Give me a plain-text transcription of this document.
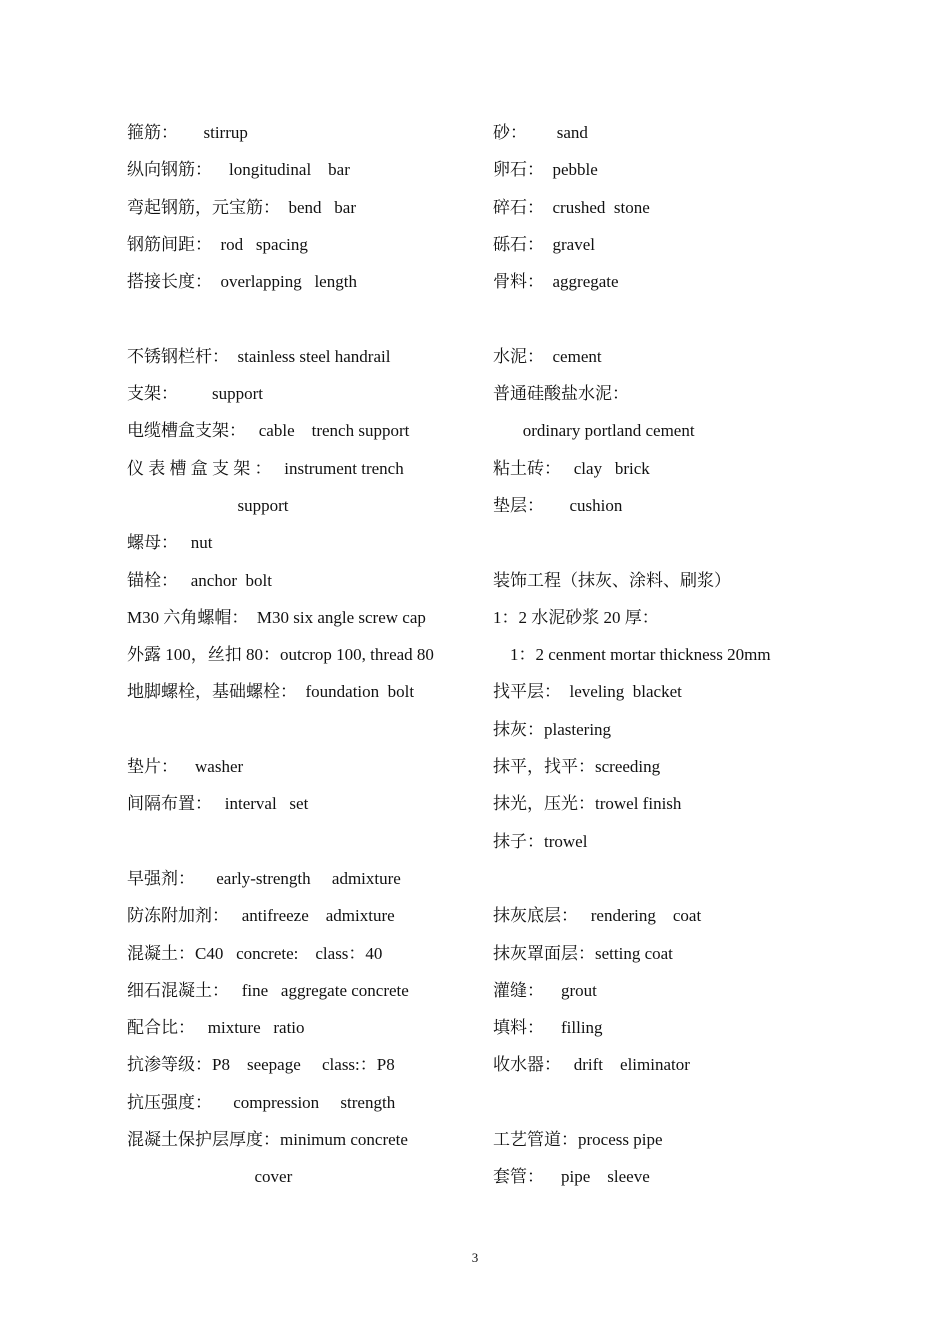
箍筋：      stirrup
纵向钢筋：    longitudinal    bar
弯起钢筋，元宝筋：  bend   bar
钢筋间距：  rod   spacing
搭接长度：  overlapping   length
不锈钢栏杆：  stainless steel handrail
支架：        support
电缆槽盒支架：   cable    trench support
仪 表 槽 盒 支 架 ：   instrument trench
support
螺母：   nut
锚栓：   anchor  bolt
M30 六角螺帽：  M30 six angle screw cap
外露 100，丝扣 80：outcrop 100, thread 80
地脚螺栓，基础螺栓：  foundation  bolt
垫片：    washer
间隔布置：   interval   set
早强剂：     early-strength     admixture
防冻附加剂：   antifreeze    admixture
混凝土：C40   concrete:    class：40
细石混凝土：   fine   aggregate concrete
配合比：   mixture   ratio
抗渗等级：P8    seepage     class:：P8
抗压强度：     compression     strength
混凝土保护层厚度：minimum concrete
cover
砂：       sand
卵石：  pebble
碎石：  crushed  stone
砾石：  gravel
骨料：  aggregate
水泥：  cement
普通硅酸盐水泥：
ordinary portland cement
粘土砖：   clay   brick
垫层：      cushion
装饰工程（抹灰、涂料、刷浆）
1：2 水泥砂浆 20 厚：
1：2 cenment mortar thickness 20mm
找平层：  leveling  blacket
抹灰：plastering
抹平，找平：screeding
抹光，压光：trowel finish
抹子：trowel
抹灰底层：   rendering    coat
抹灰罩面层：setting coat
灌缝：    grout
填料：    filling
收水器：   drift    eliminator
工艺管道：process pipe
套管：    pipe    sleeve
3
